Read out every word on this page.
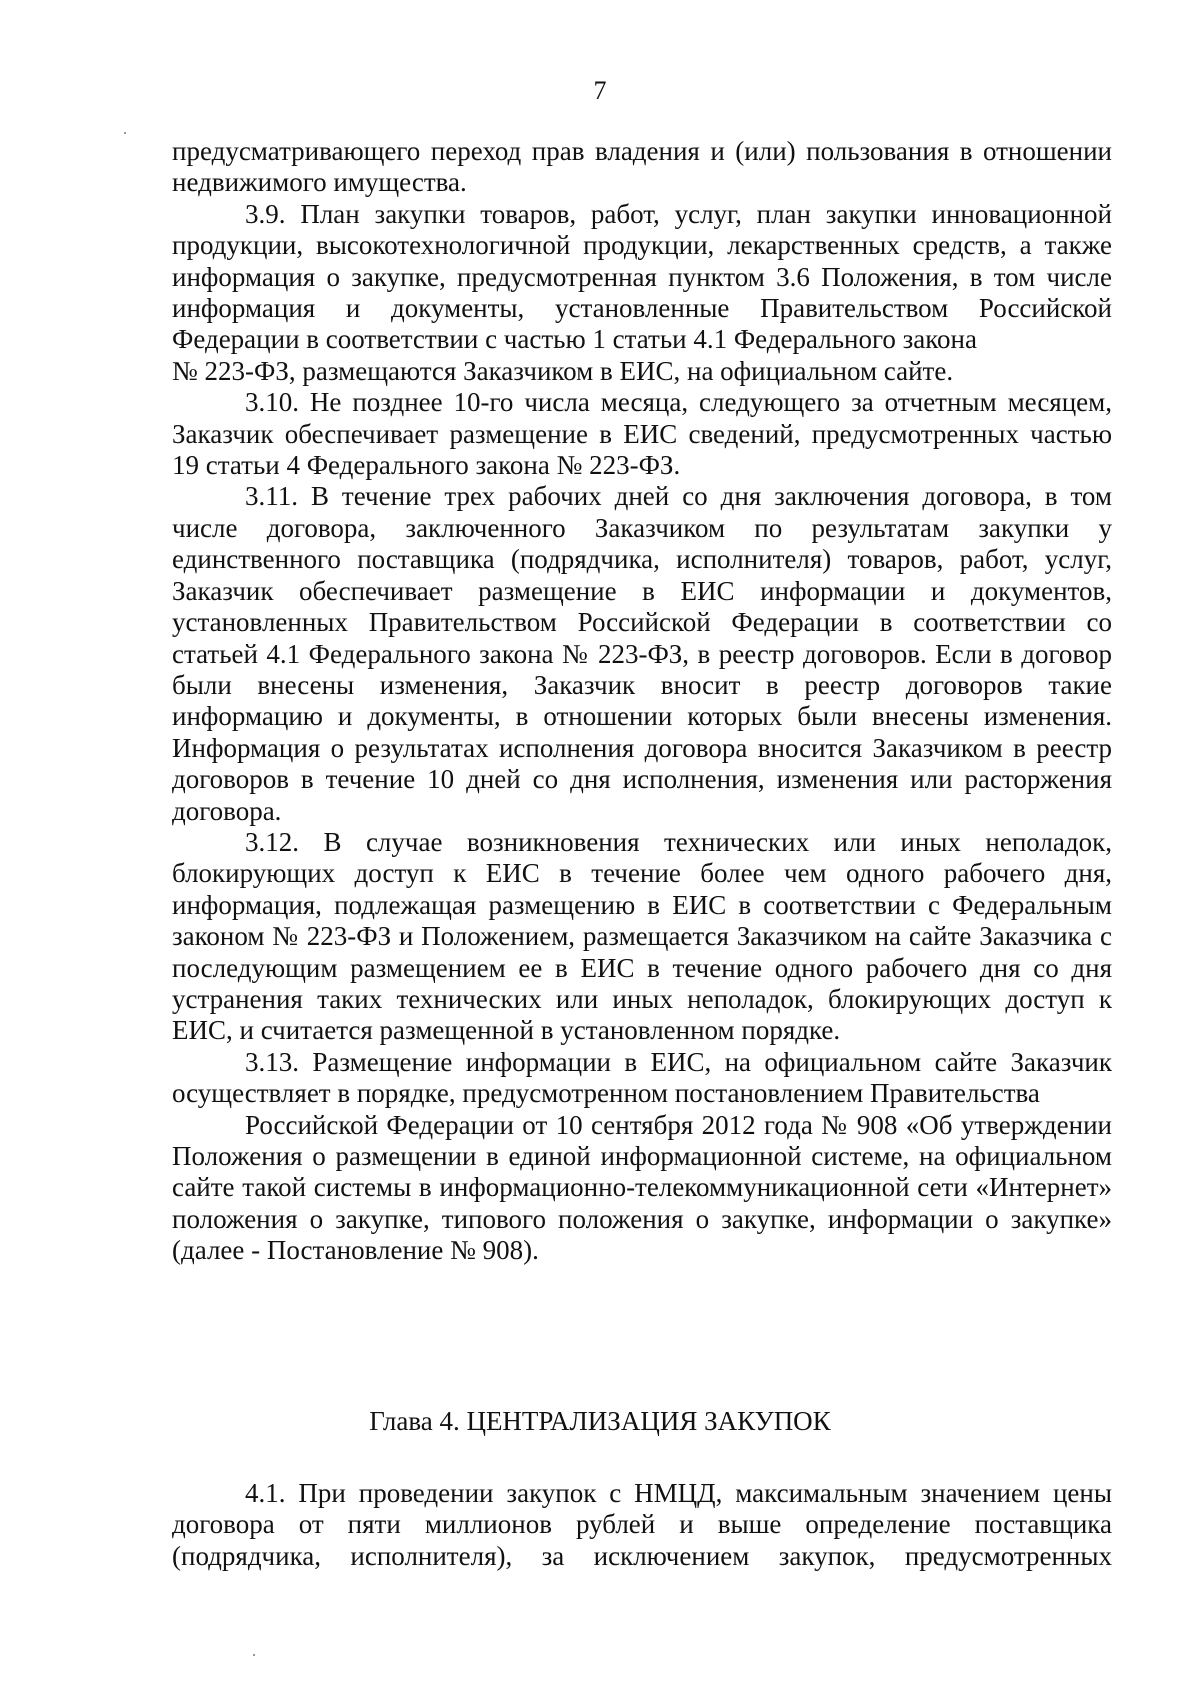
7

предусматривающего переход прав владения и (или) пользования в отношении недвижимого имущества.

3.9. План закупки товаров, работ, услуг, план закупки инновационной продукции, высокотехнологичной продукции, лекарственных средств, а также информация о закупке, предусмотренная пунктом 3.6 Положения, в том числе информация и документы, установленные Правительством Российской Федерации в соответствии с частью 1 статьи 4.1 Федерального закона

№ 223-ФЗ, размещаются Заказчиком в ЕИС, на официальном сайте.

3.10. Не позднее 10-го числа месяца, следующего за отчетным месяцем, Заказчик обеспечивает размещение в ЕИС сведений, предусмотренных частью 19 статьи 4 Федерального закона № 223-ФЗ.

3.11. В течение трех рабочих дней со дня заключения договора, в том числе договора, заключенного Заказчиком по результатам закупки у единственного поставщика (подрядчика, исполнителя) товаров, работ, услуг, Заказчик обеспечивает размещение в ЕИС информации и документов, установленных Правительством Российской Федерации в соответствии со статьей 4.1 Федерального закона № 223-ФЗ, в реестр договоров. Если в договор были внесены изменения, Заказчик вносит в реестр договоров такие информацию и документы, в отношении которых были внесены изменения. Информация о результатах исполнения договора вносится Заказчиком в реестр договоров в течение 10 дней со дня исполнения, изменения или расторжения договора.

3.12. В случае возникновения технических или иных неполадок, блокирующих доступ к ЕИС в течение более чем одного рабочего дня, информация, подлежащая размещению в ЕИС в соответствии с Федеральным законом № 223-ФЗ и Положением, размещается Заказчиком на сайте Заказчика с последующим размещением ее в ЕИС в течение одного рабочего дня со дня устранения таких технических или иных неполадок, блокирующих доступ к ЕИС, и считается размещенной в установленном порядке.

3.13. Размещение информации в ЕИС, на официальном сайте Заказчик осуществляет в порядке, предусмотренном постановлением Правительства

Российской Федерации от 10 сентября 2012 года № 908 «Об утверждении Положения о размещении в единой информационной системе, на официальном сайте такой системы в информационно-телекоммуникационной сети «Интернет» положения о закупке, типового положения о закупке, информации о закупке» (далее - Постановление № 908).

Глава 4. ЦЕНТРАЛИЗАЦИЯ ЗАКУПОК

4.1. При проведении закупок с НМЦД, максимальным значением цены договора от пяти миллионов рублей и выше определение поставщика (подрядчика, исполнителя), за исключением закупок, предусмотренных
